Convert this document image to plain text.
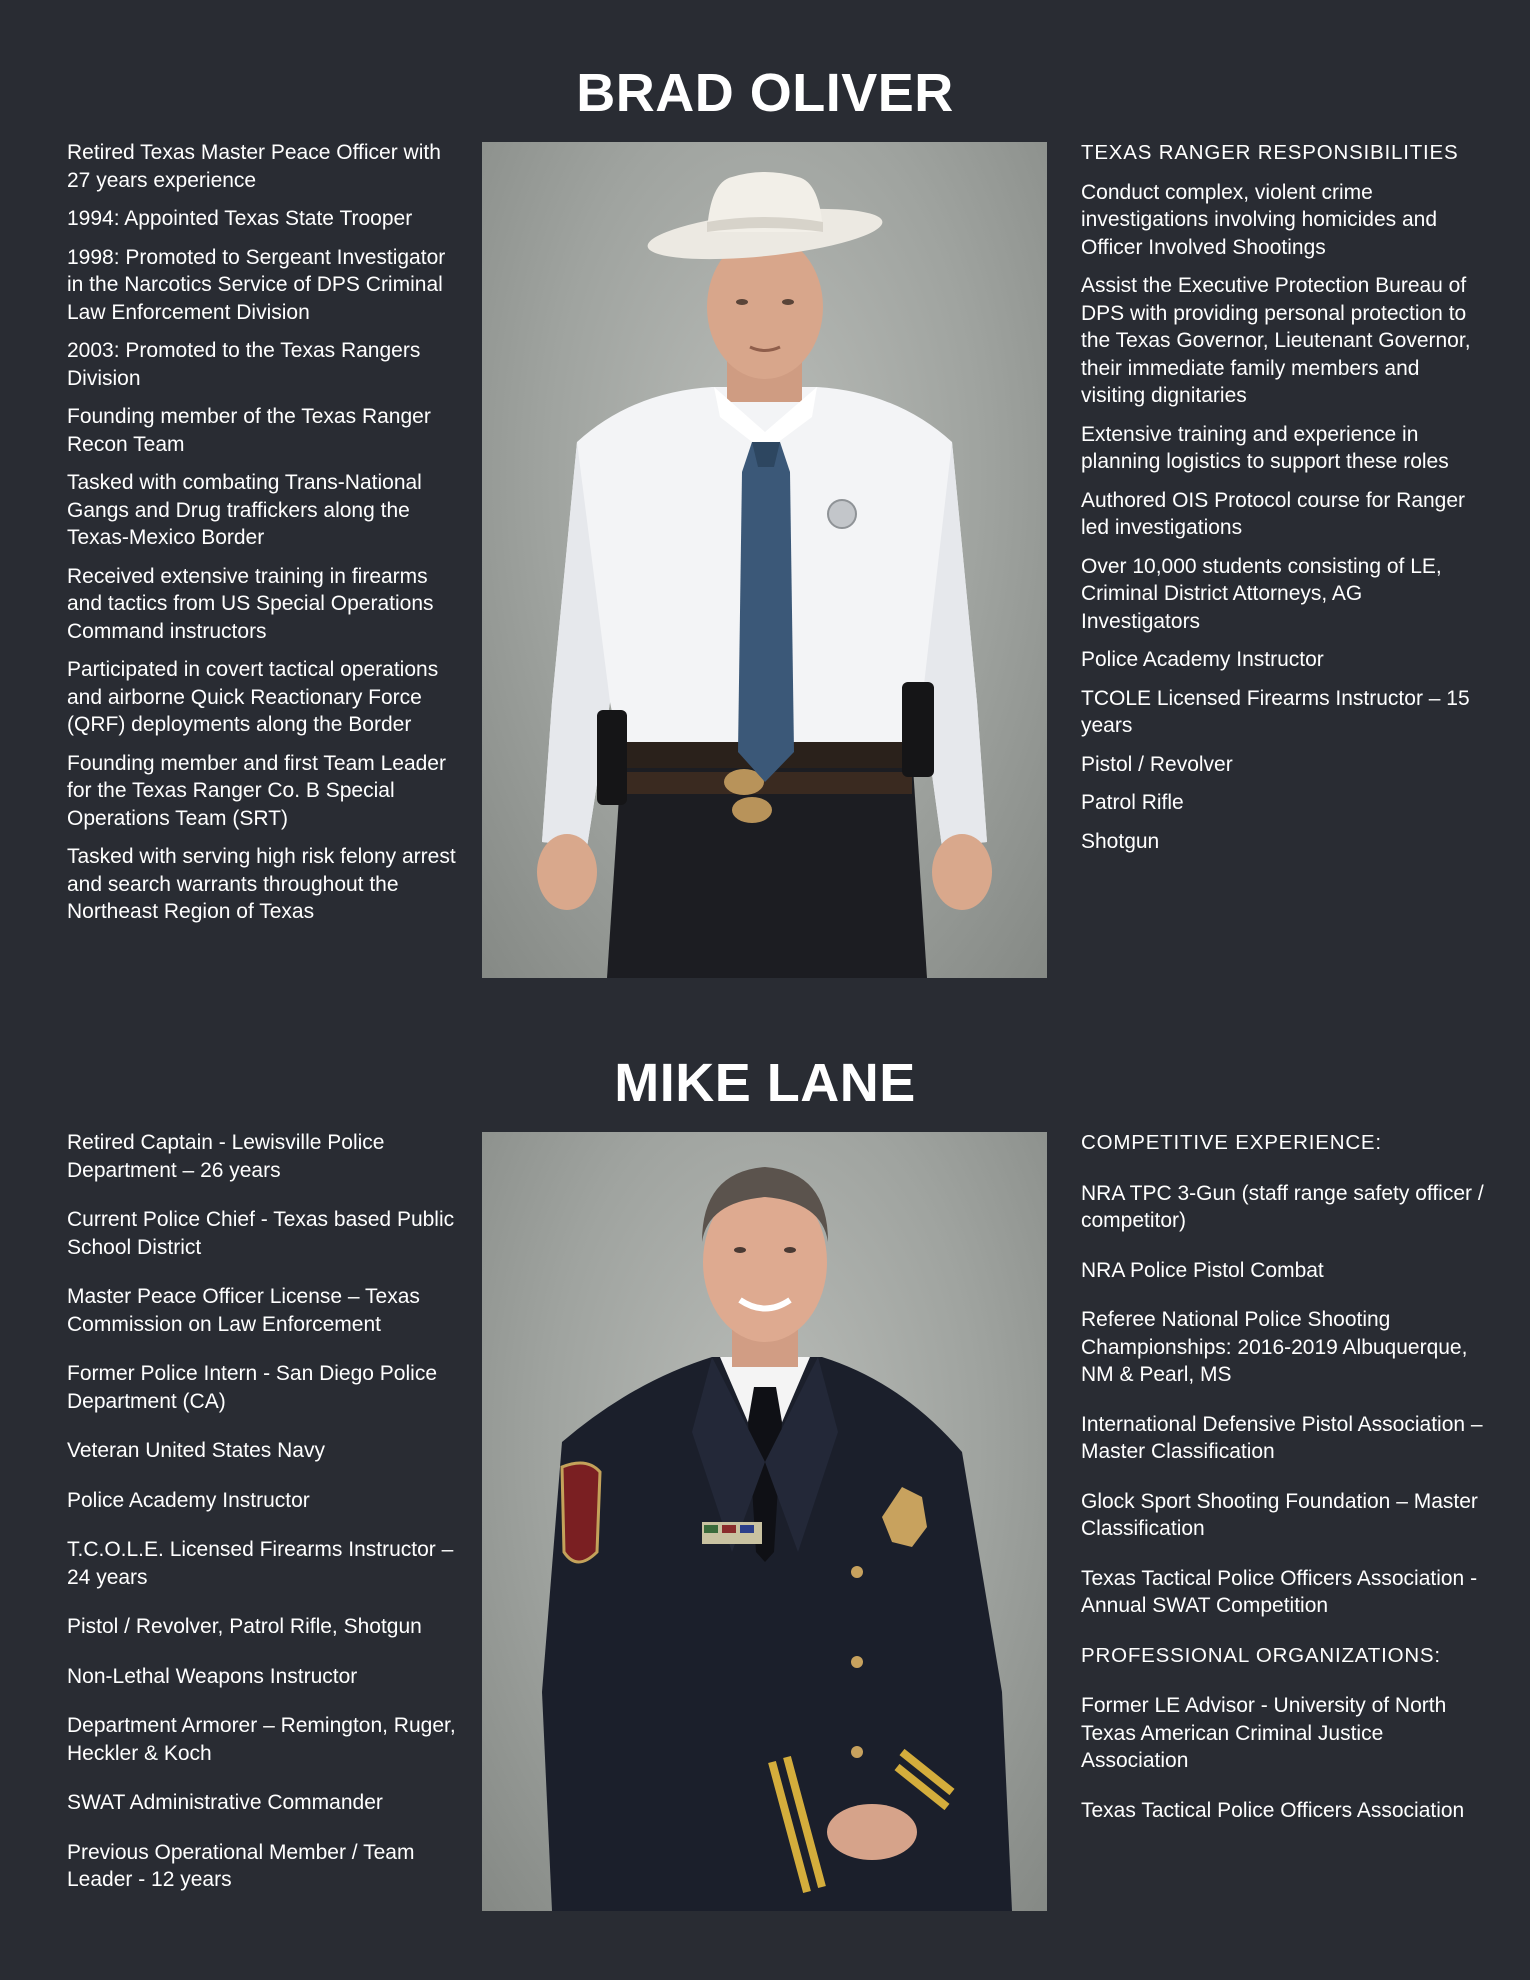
BRAD OLIVER

Retired Texas Master Peace Officer with 27 years experience

1994: Appointed Texas State Trooper

1998: Promoted to Sergeant Investigator in the Narcotics Service of DPS Criminal Law Enforcement Division

2003: Promoted to the Texas Rangers Division

Founding member of the Texas Ranger Recon Team

Tasked with combating Trans-National Gangs and Drug traffickers along the Texas-Mexico Border

Received extensive training in firearms and tactics from US Special Operations Command instructors

Participated in covert tactical operations and airborne Quick Reactionary Force (QRF) deployments along the Border

Founding member and first Team Leader for the Texas Ranger Co. B Special Operations Team (SRT)

Tasked with serving high risk felony arrest and search warrants throughout the Northeast Region of Texas

TEXAS RANGER RESPONSIBILITIES

Conduct complex, violent crime investigations involving homicides and Officer Involved Shootings

Assist the Executive Protection Bureau of DPS with providing personal protection to the Texas Governor, Lieutenant Governor, their immediate family members and visiting dignitaries

Extensive training and experience in planning logistics to support these roles

Authored OIS Protocol course for Ranger led investigations

Over 10,000 students consisting of LE, Criminal District Attorneys, AG Investigators

Police Academy Instructor

TCOLE Licensed Firearms Instructor – 15 years

Pistol / Revolver

Patrol Rifle

Shotgun

MIKE LANE

Retired Captain - Lewisville Police Department – 26 years

Current Police Chief - Texas based Public School District

Master Peace Officer License – Texas Commission on Law Enforcement

Former Police Intern - San Diego Police Department (CA)

Veteran United States Navy

Police Academy Instructor

T.C.O.L.E. Licensed Firearms Instructor – 24 years

Pistol / Revolver, Patrol Rifle, Shotgun

Non-Lethal Weapons Instructor

Department Armorer – Remington, Ruger, Heckler & Koch

SWAT Administrative Commander

Previous Operational Member / Team Leader - 12 years

COMPETITIVE EXPERIENCE:

NRA TPC 3-Gun (staff range safety officer / competitor)

NRA Police Pistol Combat

Referee National Police Shooting Championships: 2016-2019 Albuquerque, NM & Pearl, MS

International Defensive Pistol Association – Master Classification

Glock Sport Shooting Foundation – Master Classification

Texas Tactical Police Officers Association - Annual SWAT Competition

PROFESSIONAL ORGANIZATIONS:

Former LE Advisor - University of North Texas American Criminal Justice Association

Texas Tactical Police Officers Association
